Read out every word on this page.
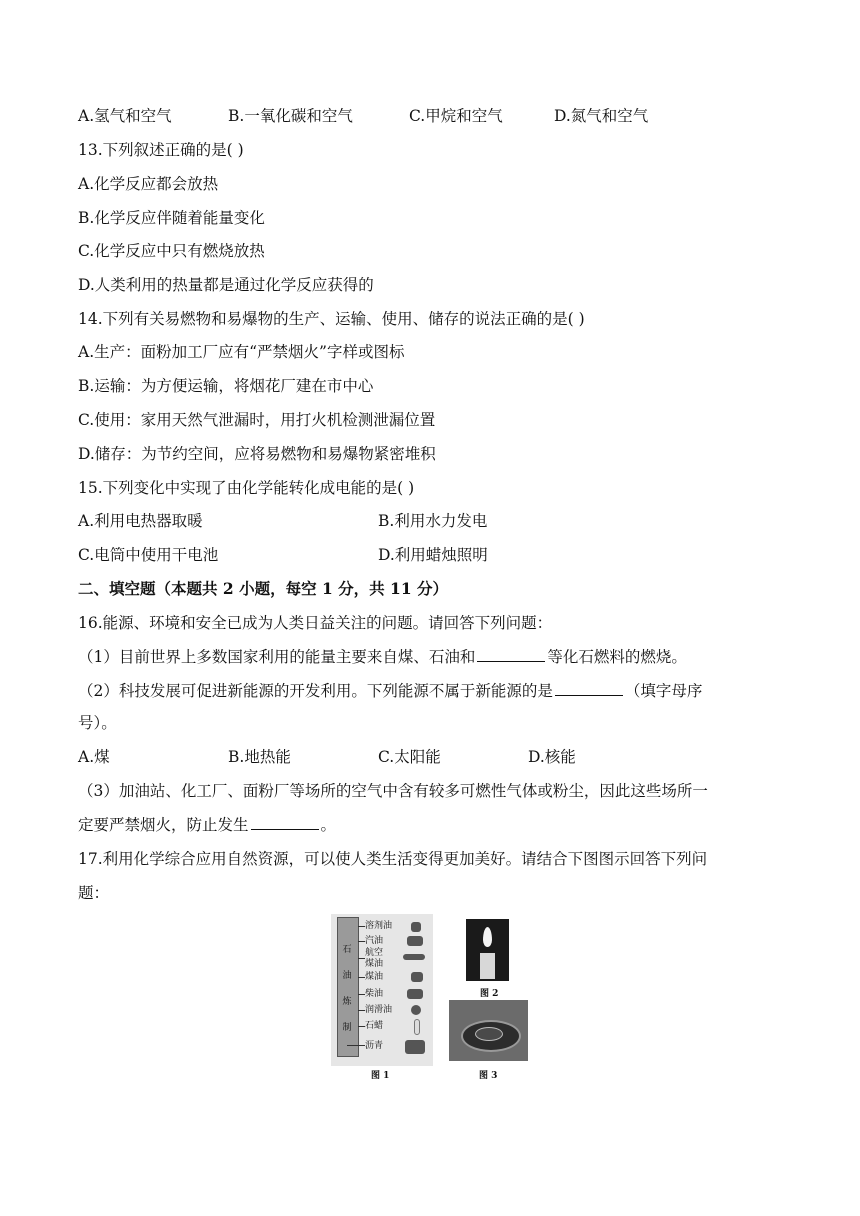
A.氢气和空气	B.一氧化碳和空气	C.甲烷和空气	D.氮气和空气
13.下列叙述正确的是( )
A.化学反应都会放热
B.化学反应伴随着能量变化
C.化学反应中只有燃烧放热
D.人类利用的热量都是通过化学反应获得的
14.下列有关易燃物和易爆物的生产、运输、使用、储存的说法正确的是( )
A.生产：面粉加工厂应有“严禁烟火”字样或图标
B.运输：为方便运输，将烟花厂建在市中心
C.使用：家用天然气泄漏时，用打火机检测泄漏位置
D.储存：为节约空间，应将易燃物和易爆物紧密堆积
15.下列变化中实现了由化学能转化成电能的是( )
A.利用电热器取暖	B.利用水力发电
C.电筒中使用干电池	D.利用蜡烛照明
二、填空题（本题共 2 小题，每空 1 分，共 11 分）
16.能源、环境和安全已成为人类日益关注的问题。请回答下列问题：
（1）目前世界上多数国家利用的能量主要来自煤、石油和	等化石燃料的燃烧。
（2）科技发展可促进新能源的开发利用。下列能源不属于新能源的是	（填字母序
号）。
A.煤	B.地热能	C.太阳能	D.核能
（3）加油站、化工厂、面粉厂等场所的空气中含有较多可燃性气体或粉尘，因此这些场所一
定要严禁烟火，防止发生	。
17.利用化学综合应用自然资源，可以使人类生活变得更加美好。请结合下图图示回答下列问
题：
石
油
炼
制
溶剂油
汽油
航空
煤油
煤油
柴油
润滑油
石蜡
沥青
图 1
图 2
图 3
